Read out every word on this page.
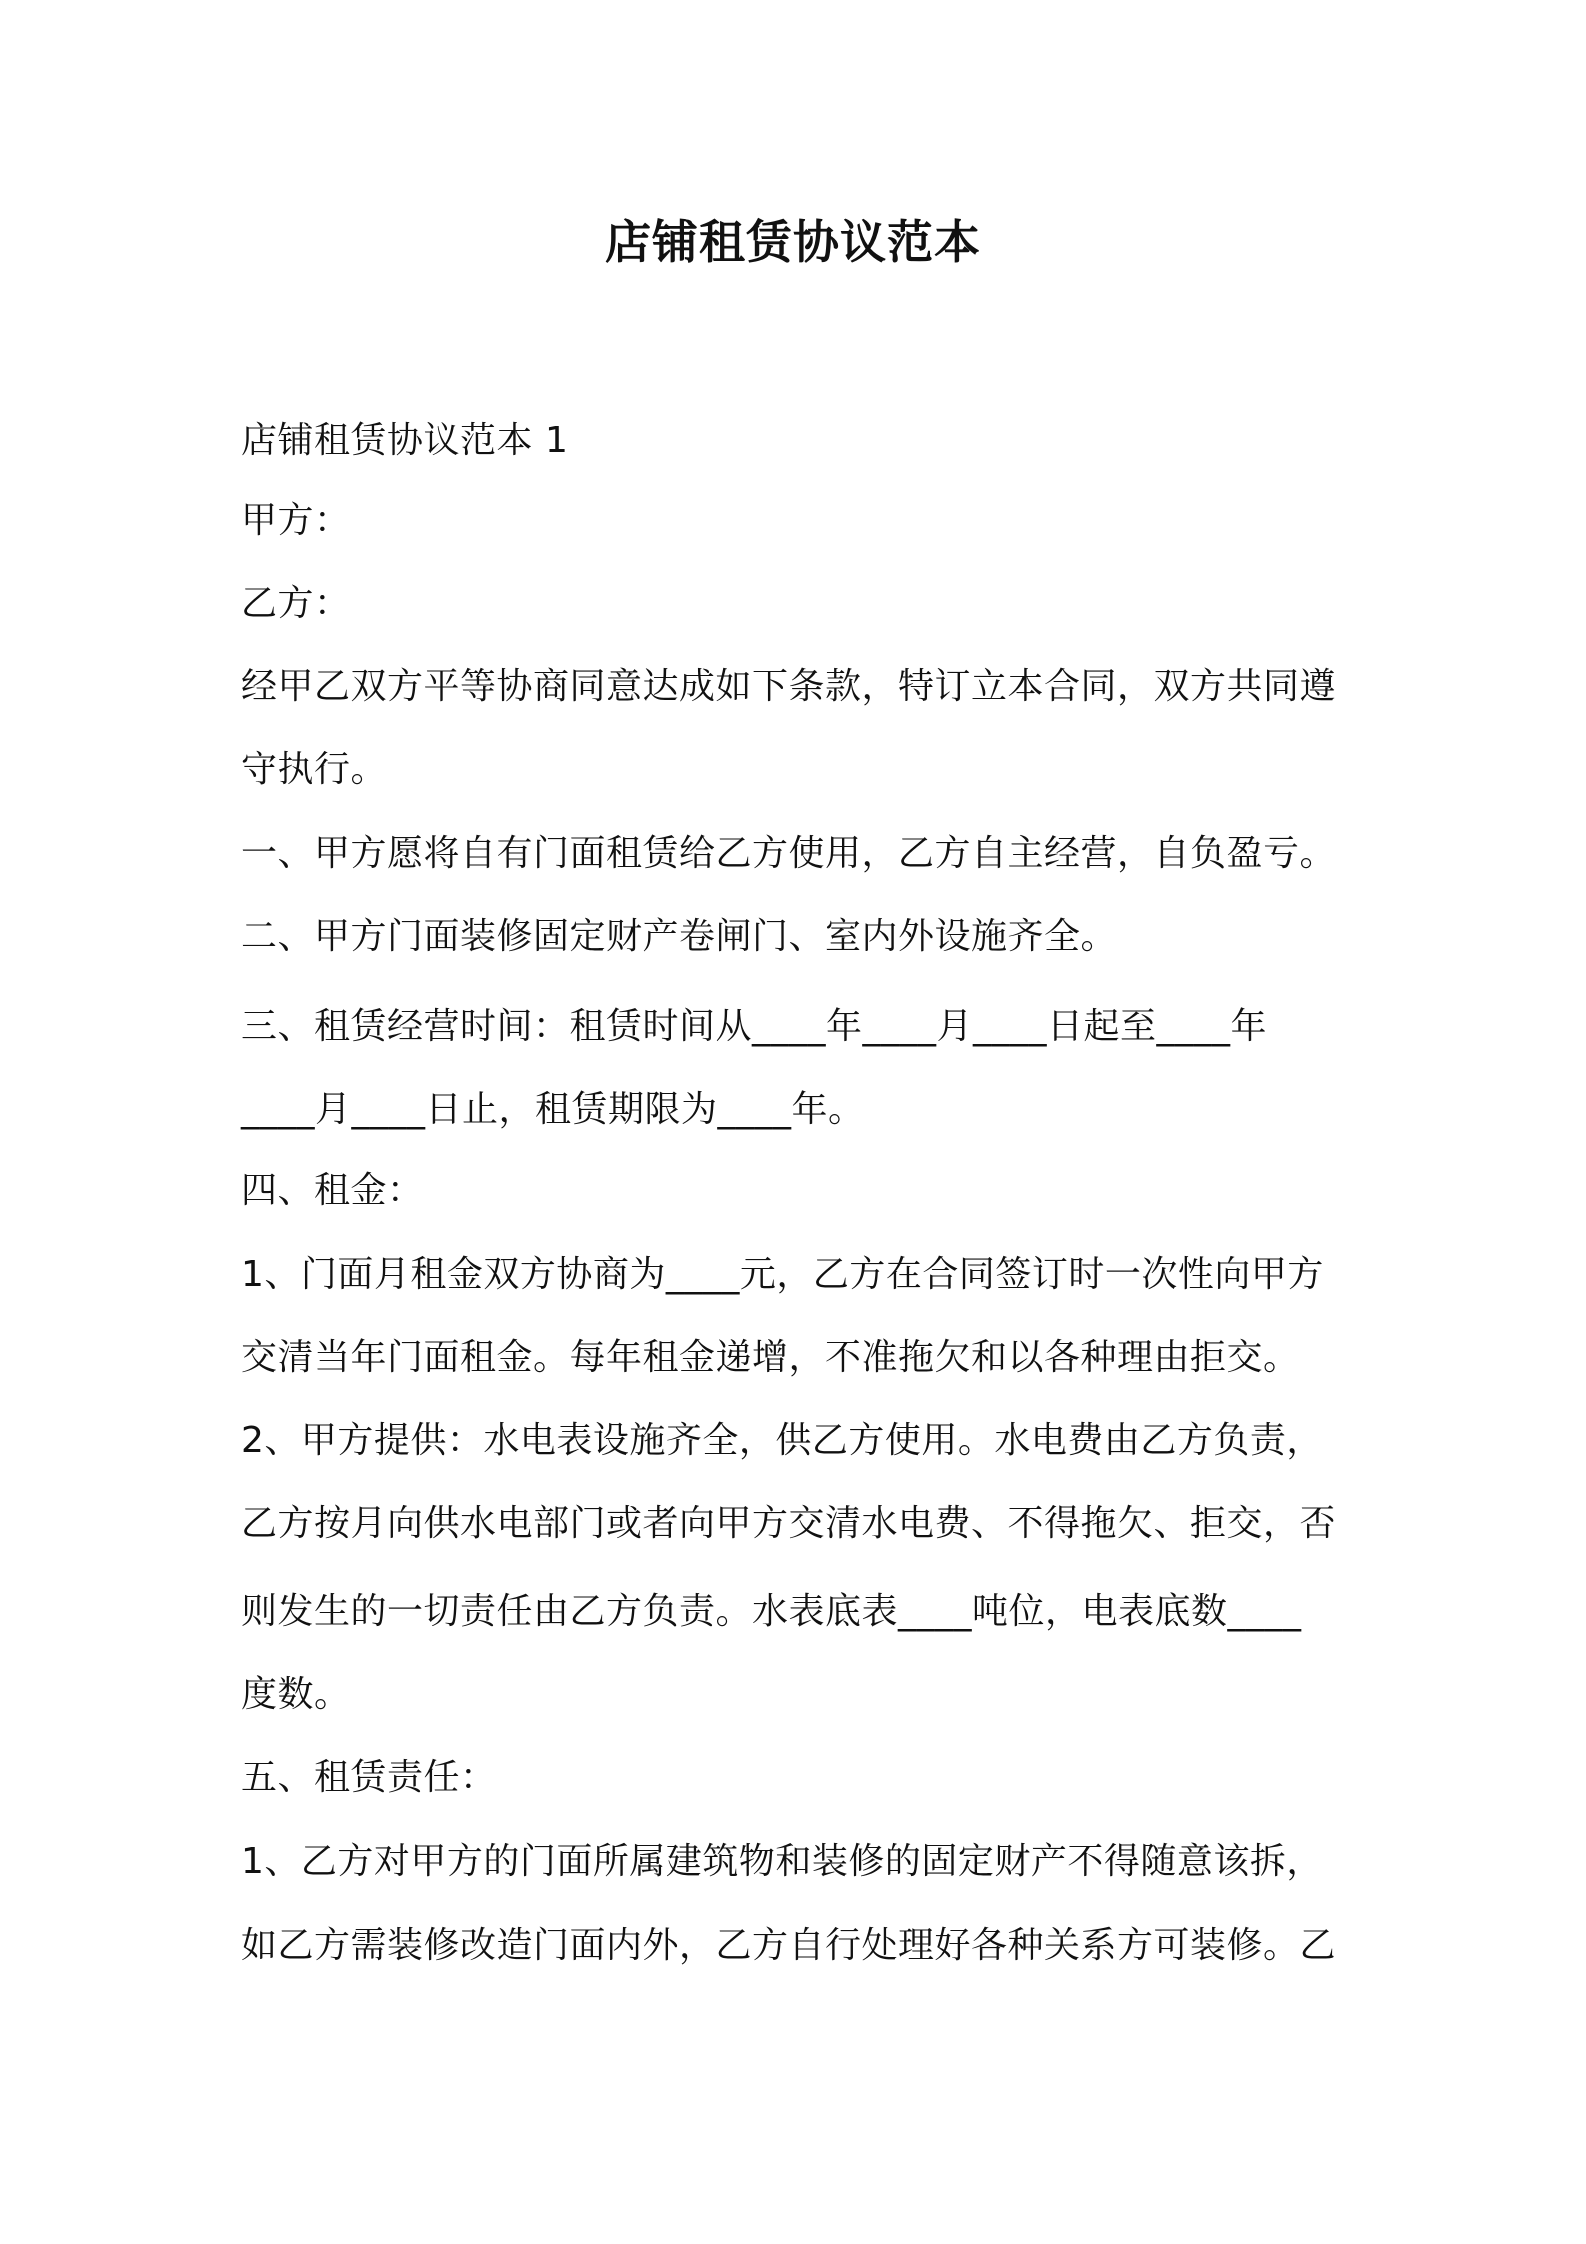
店铺租赁协议范本
店铺租赁协议范本 1
甲方：
乙方：
经甲乙双方平等协商同意达成如下条款，特订立本合同，双方共同遵
守执行。
一、甲方愿将自有门面租赁给乙方使用，乙方自主经营，自负盈亏。
二、甲方门面装修固定财产卷闸门、室内外设施齐全。
三、租赁经营时间：租赁时间从____年____月____日起至____年
____月____日止，租赁期限为____年。
四、租金：
1、门面月租金双方协商为____元，乙方在合同签订时一次性向甲方
交清当年门面租金。每年租金递增，不准拖欠和以各种理由拒交。
2、甲方提供：水电表设施齐全，供乙方使用。水电费由乙方负责，
乙方按月向供水电部门或者向甲方交清水电费、不得拖欠、拒交，否
则发生的一切责任由乙方负责。水表底表____吨位，电表底数____
度数。
五、租赁责任：
1、乙方对甲方的门面所属建筑物和装修的固定财产不得随意该拆，
如乙方需装修改造门面内外，乙方自行处理好各种关系方可装修。乙
